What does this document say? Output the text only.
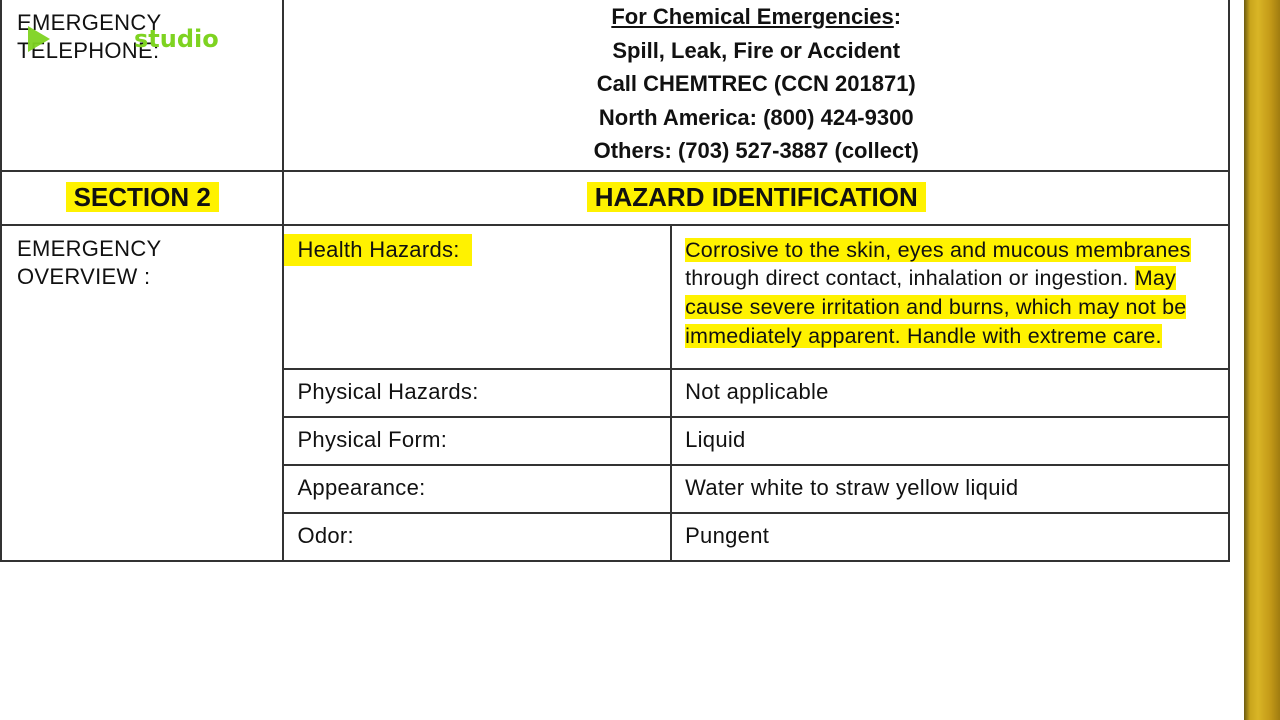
EMERGENCY
TELEPHONE:	For Chemical Emergencies:
Spill, Leak, Fire or Accident
Call CHEMTREC (CCN 201871)
North America: (800) 424-9300
Others: (703) 527-3887 (collect)	
SECTION 2	HAZARD IDENTIFICATION	
EMERGENCY
OVERVIEW :	Health Hazards:	Corrosive to the skin, eyes and mucous membranes through direct contact, inhalation or ingestion. May cause severe irritation and burns, which may not be immediately apparent. Handle with extreme care.
	Physical Hazards:	Not applicable
	Physical Form:	Liquid
	Appearance:	Water white to straw yellow liquid
	Odor:	Pungent
studio
